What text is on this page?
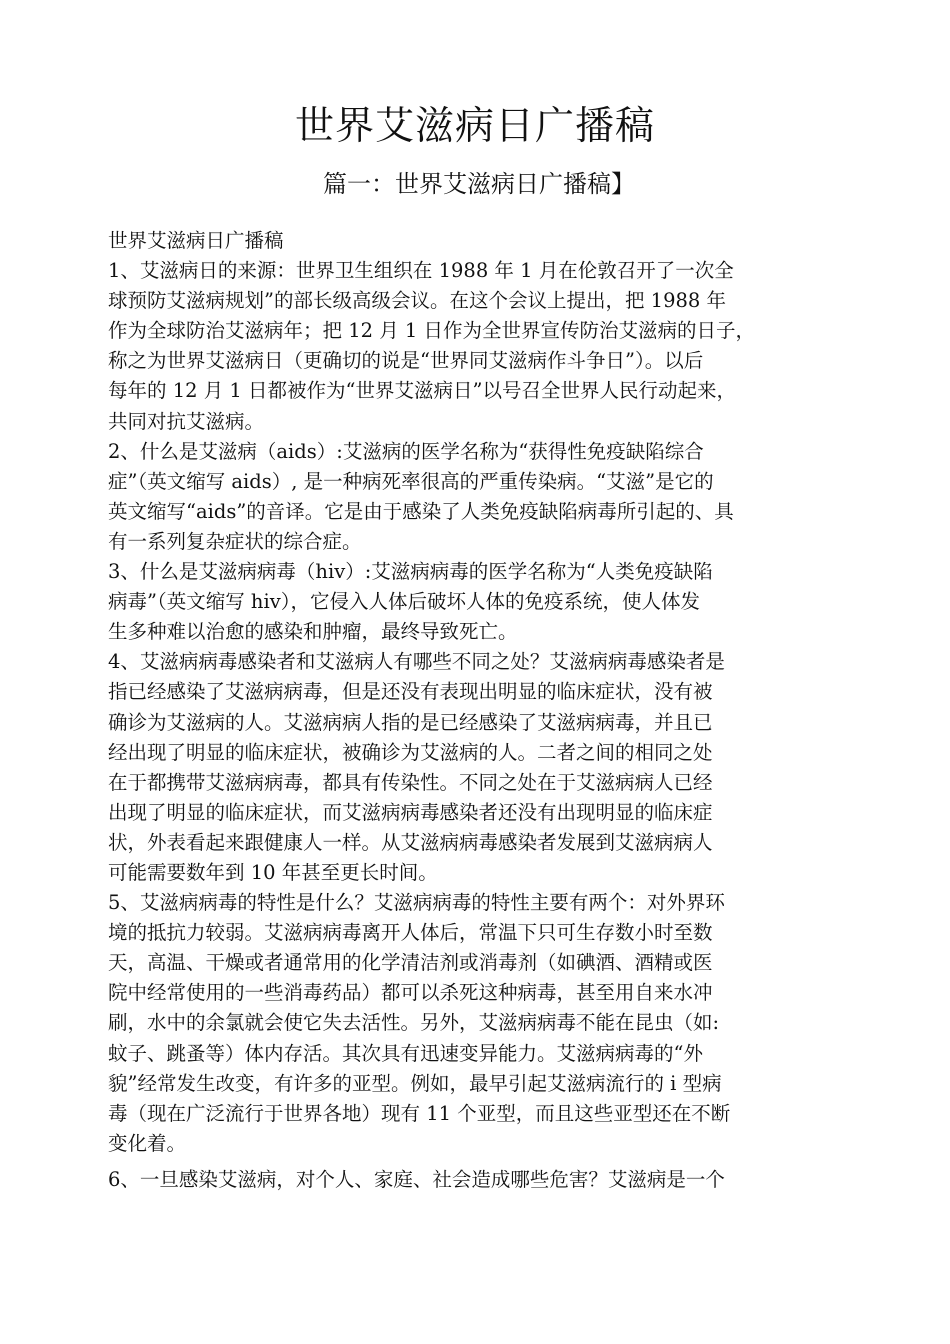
世界艾滋病日广播稿
篇一：世界艾滋病日广播稿】
世界艾滋病日广播稿
1、艾滋病日的来源：世界卫生组织在 1988 年 1 月在伦敦召开了一次全
球预防艾滋病规划”的部长级高级会议。在这个会议上提出，把 1988 年
作为全球防治艾滋病年；把 12 月 1 日作为全世界宣传防治艾滋病的日子，
称之为世界艾滋病日（更确切的说是“世界同艾滋病作斗争日”）。以后
每年的 12 月 1 日都被作为“世界艾滋病日”以号召全世界人民行动起来，
共同对抗艾滋病。
2、什么是艾滋病（aids）:艾滋病的医学名称为“获得性免疫缺陷综合
症”（英文缩写 aids）, 是一种病死率很高的严重传染病。“艾滋”是它的
英文缩写“aids”的音译。它是由于感染了人类免疫缺陷病毒所引起的、具
有一系列复杂症状的综合症。
3、什么是艾滋病病毒（hiv）:艾滋病病毒的医学名称为“人类免疫缺陷
病毒”（英文缩写 hiv），它侵入人体后破坏人体的免疫系统，使人体发
生多种难以治愈的感染和肿瘤，最终导致死亡。
4、艾滋病病毒感染者和艾滋病人有哪些不同之处？艾滋病病毒感染者是
指已经感染了艾滋病病毒，但是还没有表现出明显的临床症状，没有被
确诊为艾滋病的人。艾滋病病人指的是已经感染了艾滋病病毒，并且已
经出现了明显的临床症状，被确诊为艾滋病的人。二者之间的相同之处
在于都携带艾滋病病毒，都具有传染性。不同之处在于艾滋病病人已经
出现了明显的临床症状，而艾滋病病毒感染者还没有出现明显的临床症
状，外表看起来跟健康人一样。从艾滋病病毒感染者发展到艾滋病病人
可能需要数年到 10 年甚至更长时间。
5、艾滋病病毒的特性是什么？艾滋病病毒的特性主要有两个：对外界环
境的抵抗力较弱。艾滋病病毒离开人体后，常温下只可生存数小时至数
天，高温、干燥或者通常用的化学清洁剂或消毒剂（如碘酒、酒精或医
院中经常使用的一些消毒药品）都可以杀死这种病毒，甚至用自来水冲
刷，水中的余氯就会使它失去活性。另外，艾滋病病毒不能在昆虫（如:
蚊子、跳蚤等）体内存活。其次具有迅速变异能力。艾滋病病毒的“外
貌”经常发生改变，有许多的亚型。例如，最早引起艾滋病流行的 i 型病
毒（现在广泛流行于世界各地）现有 11 个亚型，而且这些亚型还在不断
变化着。
6、一旦感染艾滋病，对个人、家庭、社会造成哪些危害？艾滋病是一个
